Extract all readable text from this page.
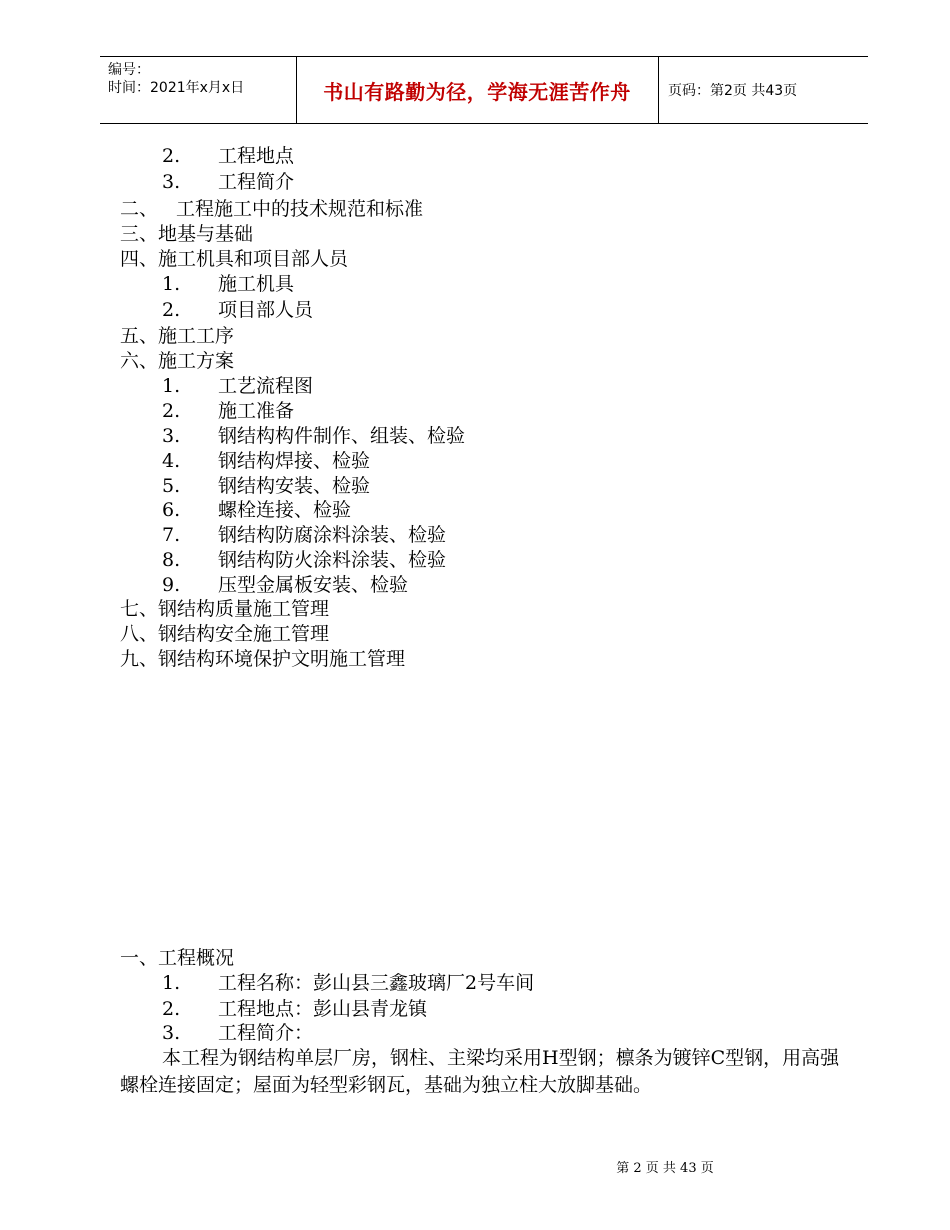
编号：
时间：2021年x月x日	书山有路勤为径，学海无涯苦作舟	页码：第2页 共43页
2. 工程地点
3. 工程简介
二、 工程施工中的技术规范和标准
三、地基与基础
四、施工机具和项目部人员
1. 施工机具
2. 项目部人员
五、施工工序
六、施工方案
1. 工艺流程图
2. 施工准备
3. 钢结构构件制作、组装、检验
4. 钢结构焊接、检验
5. 钢结构安装、检验
6. 螺栓连接、检验
7. 钢结构防腐涂料涂装、检验
8. 钢结构防火涂料涂装、检验
9. 压型金属板安装、检验
七、钢结构质量施工管理
八、钢结构安全施工管理
九、钢结构环境保护文明施工管理
一、工程概况
1. 工程名称：彭山县三鑫玻璃厂2号车间
2. 工程地点：彭山县青龙镇
3. 工程简介：
本工程为钢结构单层厂房，钢柱、主梁均采用H型钢；檩条为镀锌C型钢，用高强螺栓连接固定；屋面为轻型彩钢瓦，基础为独立柱大放脚基础。
第 2 页 共 43 页
